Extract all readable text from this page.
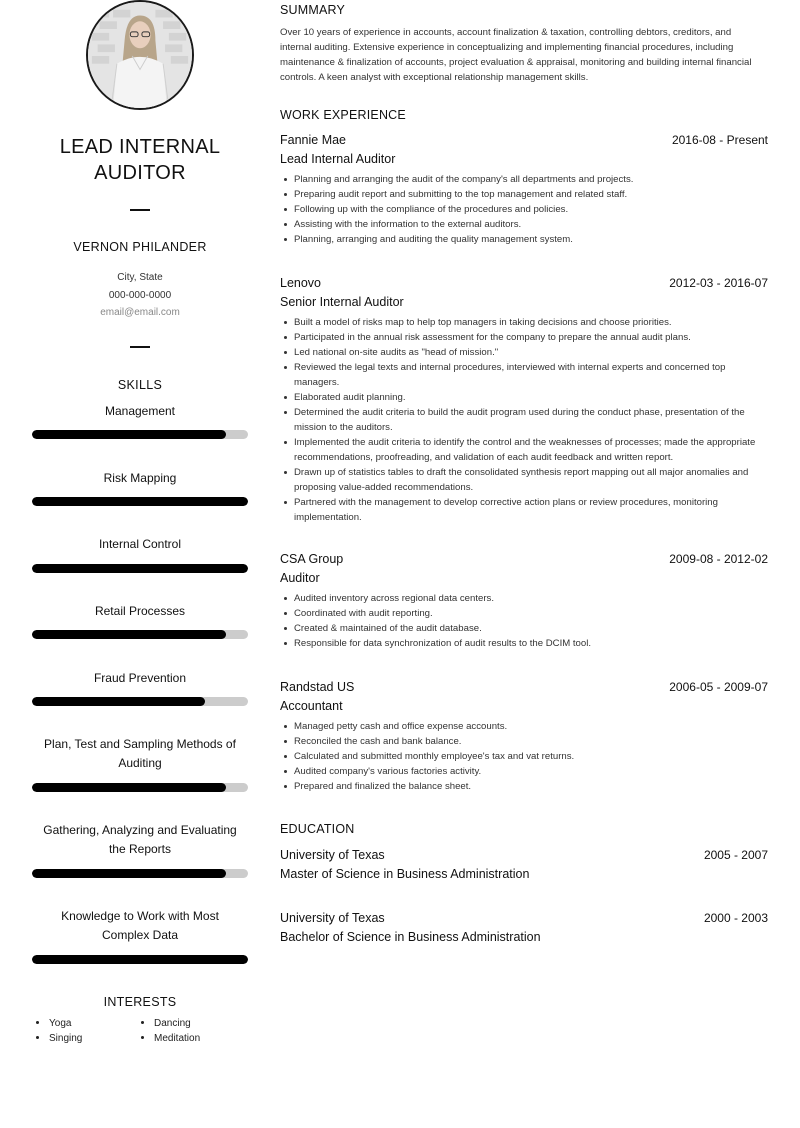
LEAD INTERNAL
AUDITOR
VERNON PHILANDER
City, State
000-000-0000
email@email.com
SKILLS
Management
Risk Mapping
Internal Control
Retail Processes
Fraud Prevention
Plan, Test and Sampling Methods of
Auditing
Gathering, Analyzing and Evaluating
the Reports
Knowledge to Work with Most
Complex Data
INTERESTS
Yoga	Dancing
Singing	Meditation
SUMMARY
Over 10 years of experience in accounts, account finalization & taxation, controlling debtors, creditors, and
internal auditing. Extensive experience in conceptualizing and implementing financial procedures, including
maintenance & finalization of accounts, project evaluation & appraisal, monitoring and building internal financial
controls. A keen analyst with exceptional relationship management skills.
WORK EXPERIENCE
Fannie Mae	2016-08 - Present
Lead Internal Auditor
Planning and arranging the audit of the company's all departments and projects.
Preparing audit report and submitting to the top management and related staff.
Following up with the compliance of the procedures and policies.
Assisting with the information to the external auditors.
Planning, arranging and auditing the quality management system.
Lenovo	2012-03 - 2016-07
Senior Internal Auditor
Built a model of risks map to help top managers in taking decisions and choose priorities.
Participated in the annual risk assessment for the company to prepare the annual audit plans.
Led national on-site audits as "head of mission."
Reviewed the legal texts and internal procedures, interviewed with internal experts and concerned top managers.
Elaborated audit planning.
Determined the audit criteria to build the audit program used during the conduct phase, presentation of the mission to the auditors.
Implemented the audit criteria to identify the control and the weaknesses of processes; made the appropriate recommendations, proofreading, and validation of each audit feedback and written report.
Drawn up of statistics tables to draft the consolidated synthesis report mapping out all major anomalies and proposing value-added recommendations.
Partnered with the management to develop corrective action plans or review procedures, monitoring implementation.
CSA Group	2009-08 - 2012-02
Auditor
Audited inventory across regional data centers.
Coordinated with audit reporting.
Created & maintained of the audit database.
Responsible for data synchronization of audit results to the DCIM tool.
Randstad US	2006-05 - 2009-07
Accountant
Managed petty cash and office expense accounts.
Reconciled the cash and bank balance.
Calculated and submitted monthly employee's tax and vat returns.
Audited company's various factories activity.
Prepared and finalized the balance sheet.
EDUCATION
University of Texas	2005 - 2007
Master of Science in Business Administration
University of Texas	2000 - 2003
Bachelor of Science in Business Administration
